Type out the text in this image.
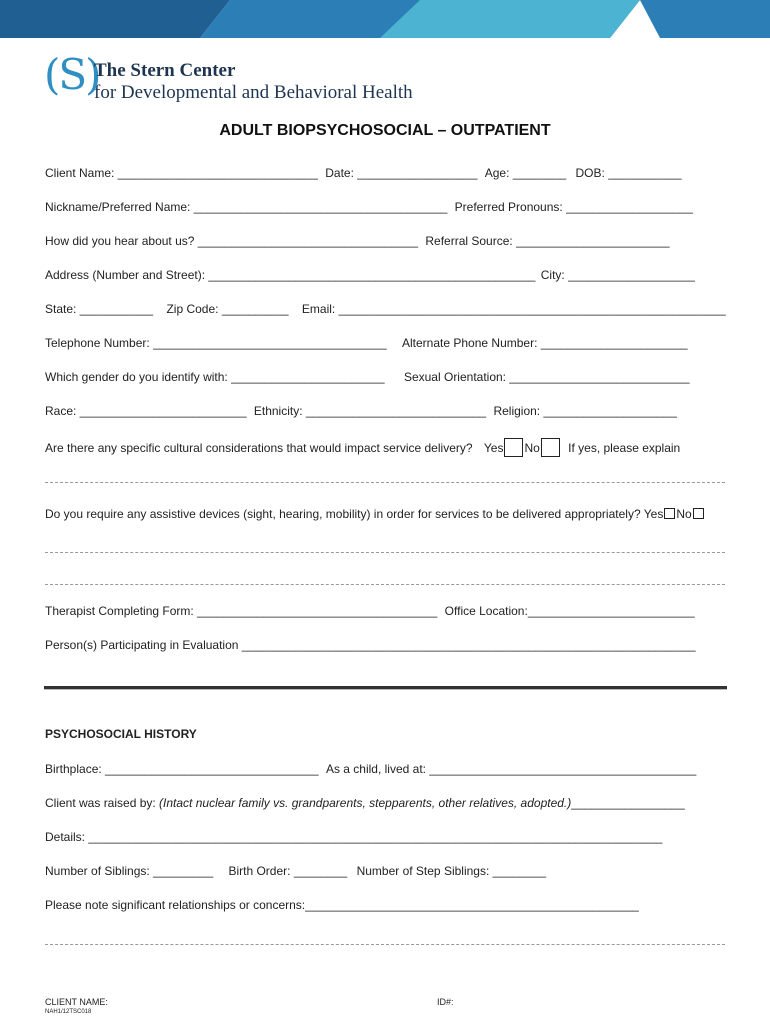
(S)
The Stern Center
for Developmental and Behavioral Health
ADULT BIOPSYCHOSOCIAL – OUTPATIENT
Client Name: ______________________________ Date: __________________ Age: ________ DOB: ___________
Nickname/Preferred Name: ______________________________________ Preferred Pronouns: ___________________
How did you hear about us? _________________________________ Referral Source: _______________________
Address (Number and Street): _________________________________________________ City: ___________________
State: ___________ Zip Code: __________ Email: __________________________________________________________
Telephone Number: ___________________________________ Alternate Phone Number: ______________________
Which gender do you identify with: _______________________ Sexual Orientation: ___________________________
Race: _________________________ Ethnicity: ___________________________ Religion: ____________________
Are there any specific cultural considerations that would impact service delivery? Yes No If yes, please explain
Do you require any assistive devices (sight, hearing, mobility) in order for services to be delivered appropriately? Yes No
Therapist Completing Form: ____________________________________ Office Location:_________________________
Person(s) Participating in Evaluation ____________________________________________________________________
PSYCHOSOCIAL HISTORY
Birthplace: ________________________________ As a child, lived at: ________________________________________
Client was raised by: (Intact nuclear family vs. grandparents, stepparents, other relatives, adopted.)_________________
Details: ______________________________________________________________________________________
Number of Siblings: _________ Birth Order: ________ Number of Step Siblings: ________
Please note significant relationships or concerns:__________________________________________________
CLIENT NAME:
NAH1/12TSC018
ID#:
